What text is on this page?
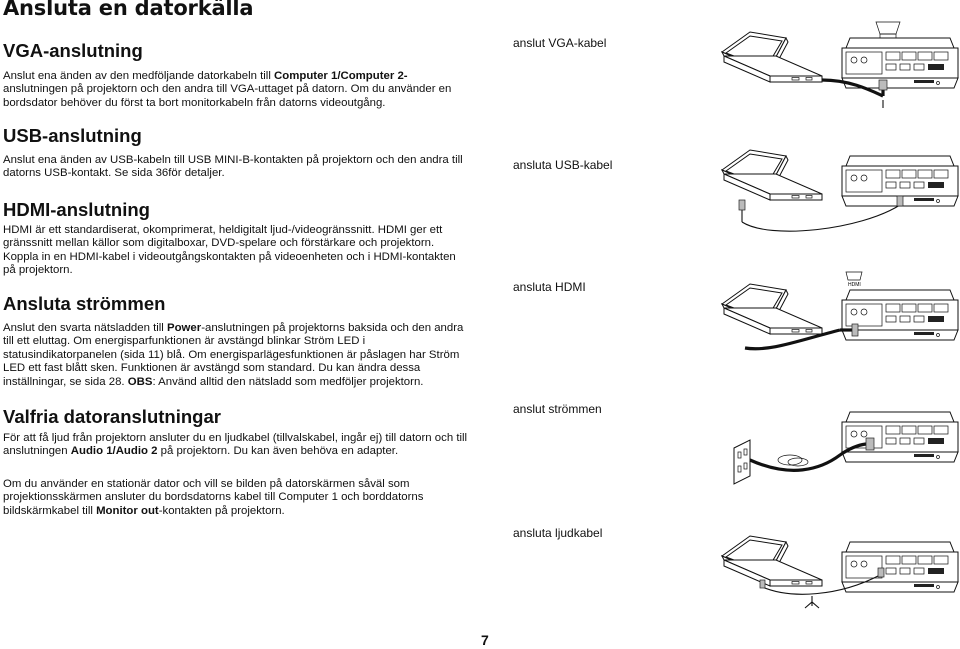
Ansluta en datorkälla
VGA-anslutning
Anslut ena änden av den medföljande datorkabeln till Computer 1/Computer 2- anslutningen på projektorn och den andra till VGA-uttaget på datorn. Om du använder en bordsdator behöver du först ta bort monitorkabeln från datorns videoutgång.
USB-anslutning
Anslut ena änden av USB-kabeln till USB MINI-B-kontakten på projektorn och den andra till datorns USB-kontakt. Se sida 36för detaljer.
HDMI-anslutning
HDMI är ett standardiserat, okomprimerat, heldigitalt ljud-/videogränssnitt. HDMI ger ett gränssnitt mellan källor som digitalboxar, DVD-spelare och förstärkare och projektorn. Koppla in en HDMI-kabel i videoutgångskontakten på videoenheten och i HDMI-kontakten på projektorn.
Ansluta strömmen
Anslut den svarta nätsladden till Power-anslutningen på projektorns baksida och den andra till ett eluttag. Om energisparfunktionen är avstängd blinkar Ström LED i statusindikatorpanelen (sida 11) blå. Om energisparlägesfunktionen är påslagen har Ström LED ett fast blått sken. Funktionen är avstängd som standard. Du kan ändra dessa inställningar, se sida 28. OBS: Använd alltid den nätsladd som medföljer projektorn.
Valfria datoranslutningar
För att få ljud från projektorn ansluter du en ljudkabel (tillvalskabel, ingår ej) till datorn och till anslutningen Audio 1/Audio 2 på projektorn. Du kan även behöva en adapter.
Om du använder en stationär dator och vill se bilden på datorskärmen såväl som projektionsskärmen ansluter du bordsdatorns kabel till Computer 1 och borddatorns bildskärmkabel till Monitor out-kontakten på projektorn.
anslut VGA-kabel
ansluta USB-kabel
ansluta HDMI
anslut strömmen
ansluta ljudkabel
7
HDMI
